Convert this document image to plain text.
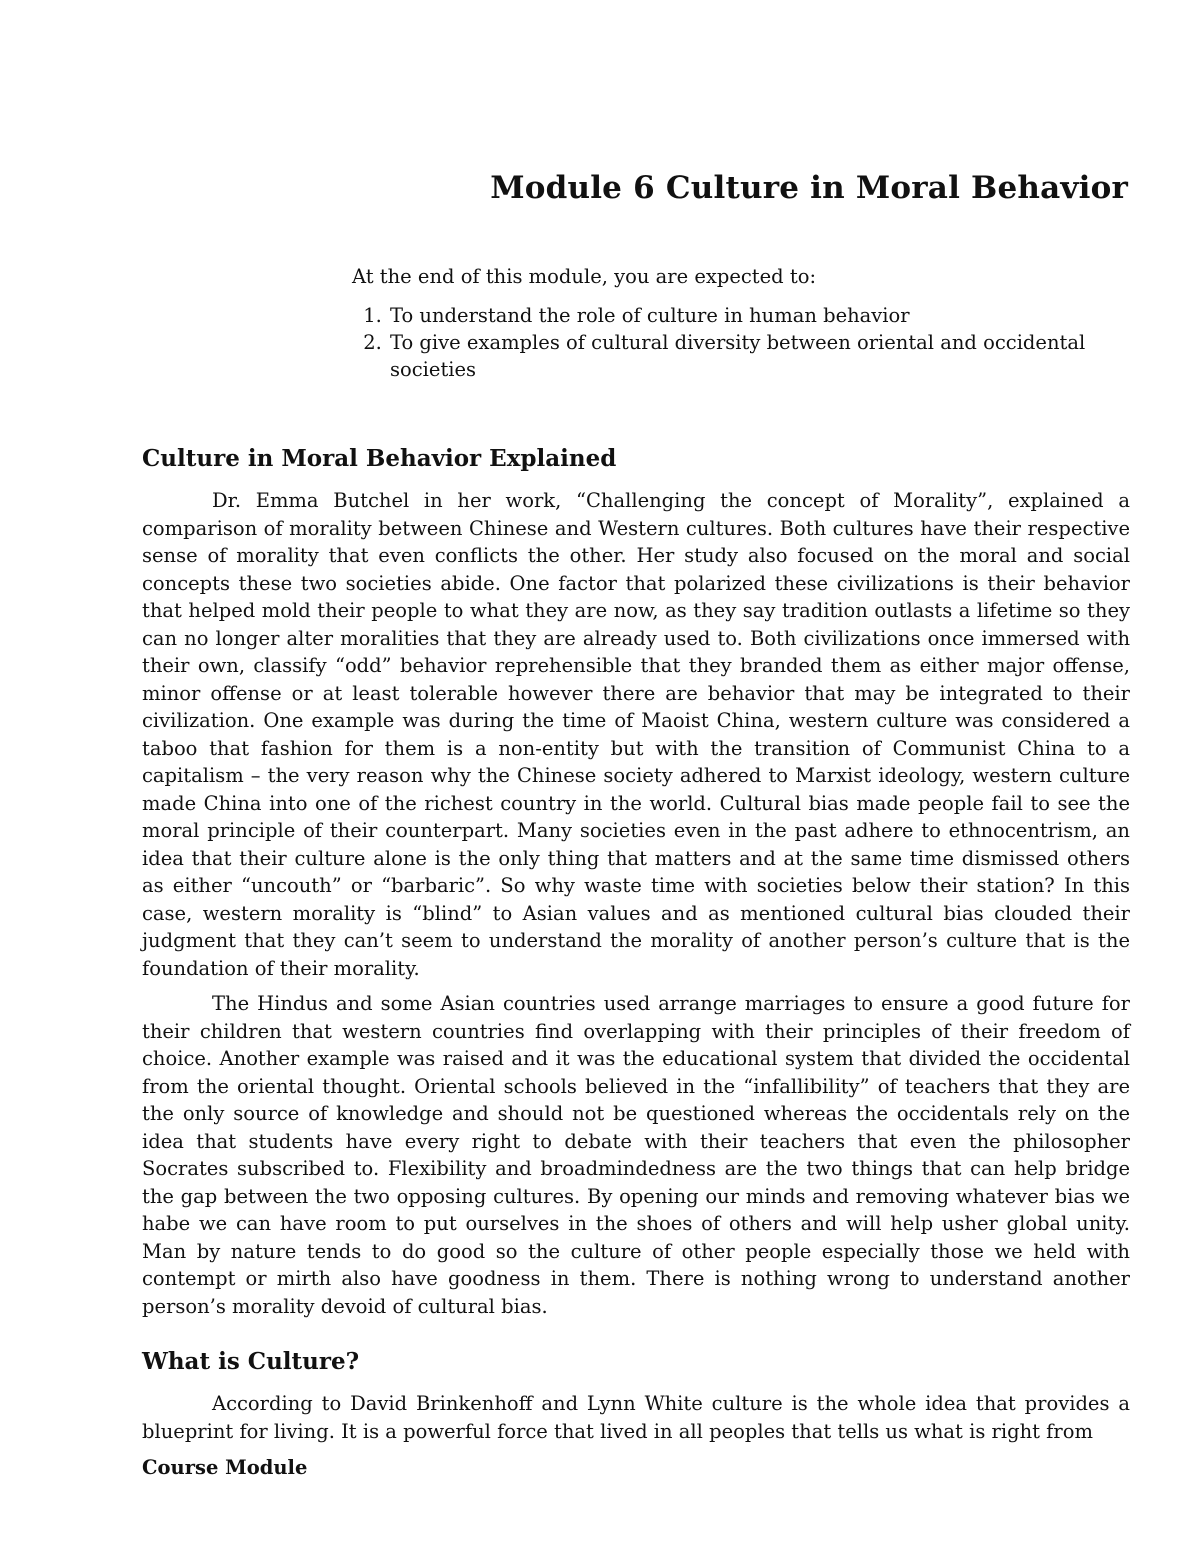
Module 6 Culture in Moral Behavior

At the end of this module, you are expected to:

1. To understand the role of culture in human behavior
2. To give examples of cultural diversity between oriental and occidental societies
Culture in Moral Behavior Explained

Dr. Emma Butchel in her work, “Challenging the concept of Morality”, explained a comparison of morality between Chinese and Western cultures. Both cultures have their respective sense of morality that even conflicts the other. Her study also focused on the moral and social concepts these two societies abide. One factor that polarized these civilizations is their behavior that helped mold their people to what they are now, as they say tradition outlasts a lifetime so they can no longer alter moralities that they are already used to. Both civilizations once immersed with their own, classify “odd” behavior reprehensible that they branded them as either major offense, minor offense or at least tolerable however there are behavior that may be integrated to their civilization. One example was during the time of Maoist China, western culture was considered a taboo that fashion for them is a non-entity but with the transition of Communist China to a capitalism – the very reason why the Chinese society adhered to Marxist ideology, western culture made China into one of the richest country in the world. Cultural bias made people fail to see the moral principle of their counterpart. Many societies even in the past adhere to ethnocentrism, an idea that their culture alone is the only thing that matters and at the same time dismissed others as either “uncouth” or “barbaric”. So why waste time with societies below their station? In this case, western morality is “blind” to Asian values and as mentioned cultural bias clouded their judgment that they can’t seem to understand the morality of another person’s culture that is the foundation of their morality.

The Hindus and some Asian countries used arrange marriages to ensure a good future for their children that western countries find overlapping with their principles of their freedom of choice. Another example was raised and it was the educational system that divided the occidental from the oriental thought. Oriental schools believed in the “infallibility” of teachers that they are the only source of knowledge and should not be questioned whereas the occidentals rely on the idea that students have every right to debate with their teachers that even the philosopher Socrates subscribed to. Flexibility and broadmindedness are the two things that can help bridge the gap between the two opposing cultures. By opening our minds and removing whatever bias we habe we can have room to put ourselves in the shoes of others and will help usher global unity. Man by nature tends to do good so the culture of other people especially those we held with contempt or mirth also have goodness in them. There is nothing wrong to understand another person’s morality devoid of cultural bias.

What is Culture?

According to David Brinkenhoff and Lynn White culture is the whole idea that provides a blueprint for living. It is a powerful force that lived in all peoples that tells us what is right from

Course Module
